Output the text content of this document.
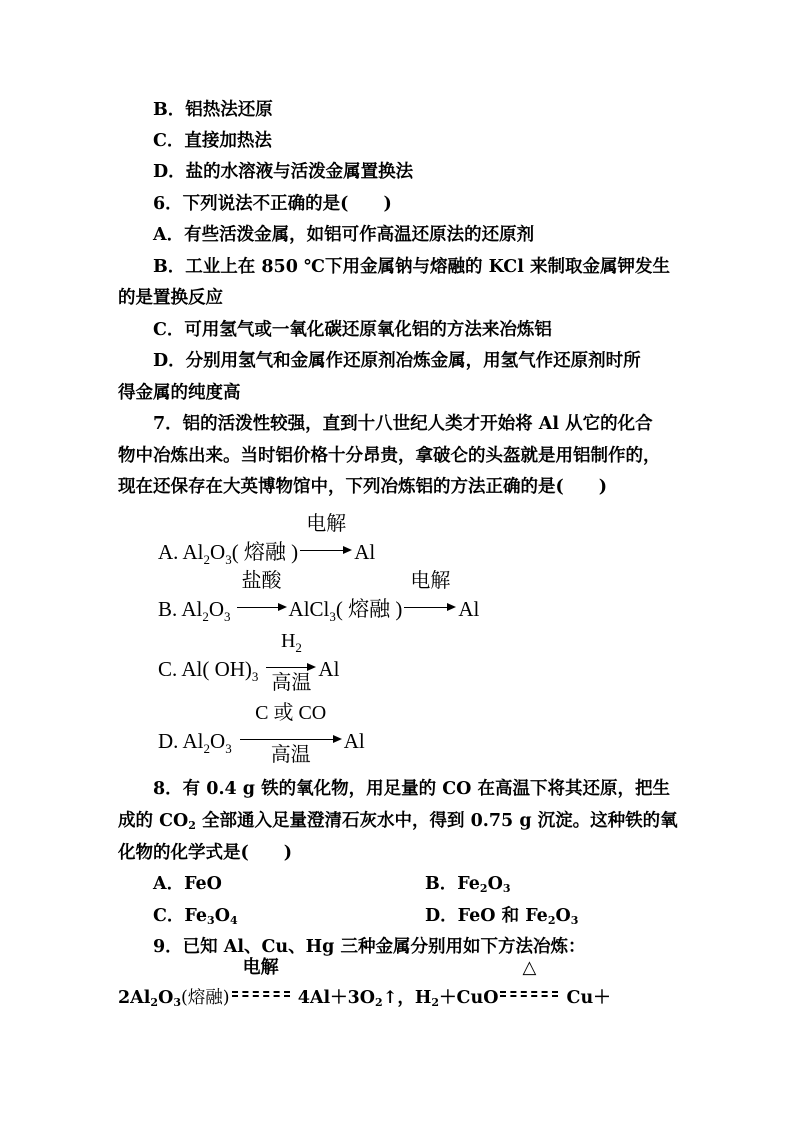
B．铝热法还原
C．直接加热法
D．盐的水溶液与活泼金属置换法
6．下列说法不正确的是(　　)
A．有些活泼金属，如铝可作高温还原法的还原剂
B．工业上在 850 ℃下用金属钠与熔融的 KCl 来制取金属钾发生
的是置换反应
C．可用氢气或一氧化碳还原氧化铝的方法来冶炼铝
D．分别用氢气和金属作还原剂冶炼金属，用氢气作还原剂时所
得金属的纯度高
7．铝的活泼性较强，直到十八世纪人类才开始将 Al 从它的化合
物中冶炼出来。当时铝价格十分昂贵，拿破仑的头盔就是用铝制作的，
现在还保存在大英博物馆中，下列冶炼铝的方法正确的是(　　)
A. $Al_2O_3$( 熔融 )
电解
Al
B. $Al_2O_3$
盐酸
AlCl$_3$( 熔融 )
电解
Al
C. Al( $OH)_3$
$H_2$
高温
Al
D. $Al_2O_3$
C 或 CO
高温
Al
8．有 0.4 g 铁的氧化物，用足量的 CO 在高温下将其还原，把生
成的 $CO_2$ 全部通入足量澄清石灰水中，得到 0.75 g 沉淀。这种铁的氧
化物的化学式是(　　)
A．FeO	B．$Fe_2O_3$
C．$Fe_3O_4$	D．FeO 和 $Fe_2O_3$
9．已知 Al、Cu、Hg 三种金属分别用如下方法冶炼：
$2Al_2O_3$(熔融)
电解
$4Al+3O_2↑$，$H_2+CuO$
△
Cu＋
